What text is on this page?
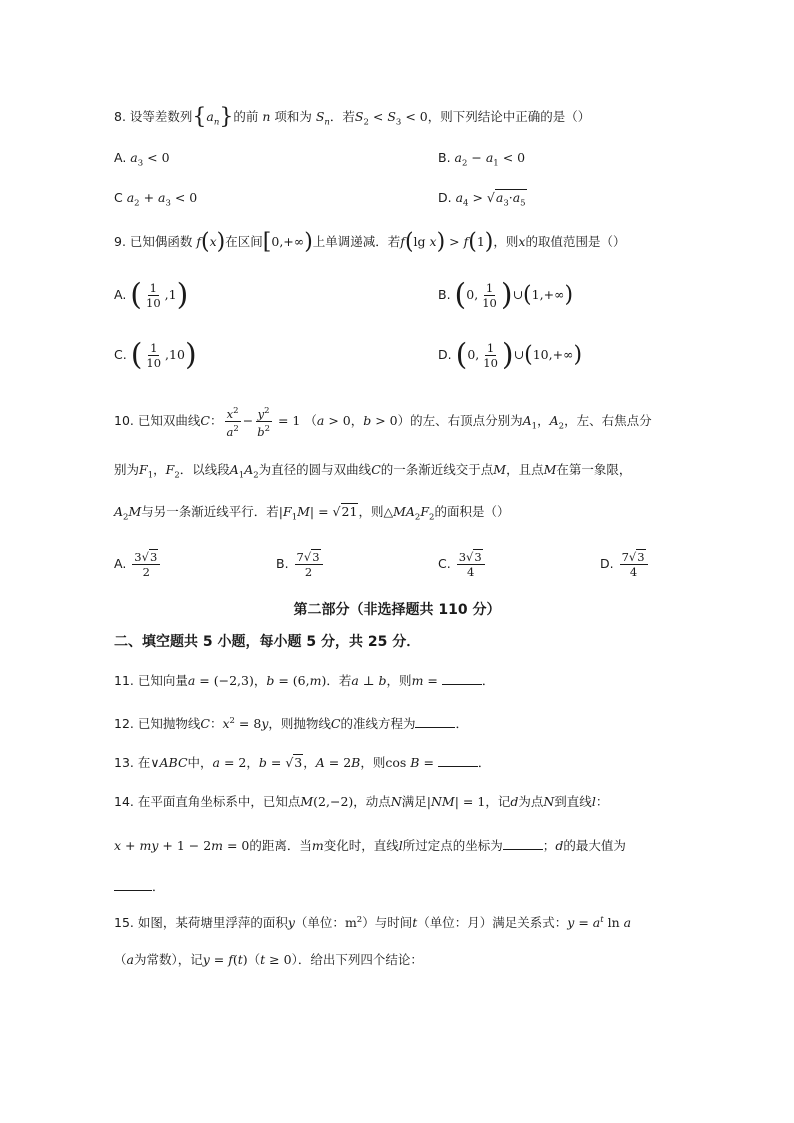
8. 设等差数列$\{a_n\}$的前 n 项和为 $S_n$．若$S_2 < S_3 < 0$，则下列结论中正确的是（）
A. $a_3 < 0$	B. $a_2 - a_1 < 0$
C $a_2 + a_3 < 0$	D. $a_4 > √a_3\cdot a_5$
9. 已知偶函数 f(x)在区间[0,+∞)上单调递减．若f(lg x) > f(1)，则x的取值范围是（）
A. ( $\frac{1}{10} ,1$)	B. (0, $\frac{1}{10}$ )∪(1,+∞)
C. ( $\frac{1}{10} ,10$)	D. (0, $\frac{1}{10}$ )∪(10,+∞)
10. 已知双曲线C： $\frac{x^2}{a^2} - \frac{y^2}{b^2} = 1$ （a > 0，b > 0）的左、右顶点分别为$A_1$，$A_2$，左、右焦点分
别为$F_1$，$F_2$．以线段$A_1A_2$为直径的圆与双曲线C的一条渐近线交于点M，且点M在第一象限，
$A_2M$与另一条渐近线平行．若$|F_1M| = √21$，则$\triangle MA_2F_2$的面积是（）
A. $\frac{3√3}{2}$	B. $\frac{7√3}{2}$	C. $\frac{3√3}{4}$	D. $\frac{7√3}{4}$
第二部分（非选择题共 110 分）
二、填空题共 5 小题，每小题 5 分，共 25 分．
11. 已知向量a = (−2,3)，b = (6,m)．若a ⊥ b，则m =	．
12. 已知抛物线C：$x^2 = 8y$，则抛物线C的准线方程为	．
13. 在∨ABC中，a = 2，b = √3，A = 2B，则cos B =	．
14. 在平面直角坐标系中，已知点M(2,−2)，动点N满足|NM| = 1，记d为点N到直线l：
x + my + 1 − 2m = 0的距离．当m变化时，直线l所过定点的坐标为	；d的最大值为
．
15. 如图，某荷塘里浮萍的面积y（单位：$m^2$）与时间t（单位：月）满足关系式：$y = a^t$ ln a
（a为常数），记y = f(t)（t ≥ 0）．给出下列四个结论：
